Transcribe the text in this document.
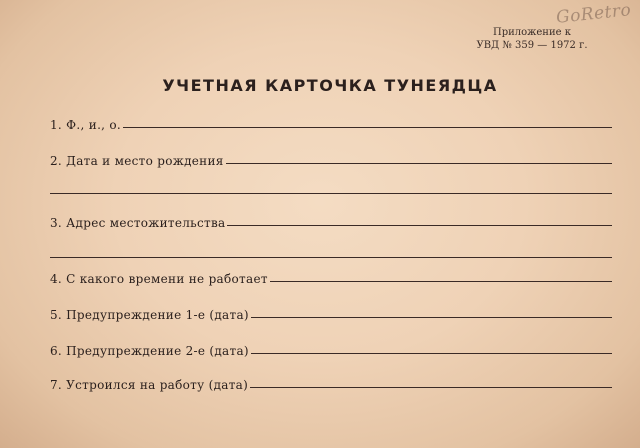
GoRetro
Приложение к
УВД № 359 — 1972 г.
УЧЕТНАЯ КАРТОЧКА ТУНЕЯДЦА
1. Ф., и., о.
2. Дата и место рождения
3. Адрес местожительства
4. С какого времени не работает
5. Предупреждение 1-е (дата)
6. Предупреждение 2-е (дата)
7. Устроился на работу (дата)
